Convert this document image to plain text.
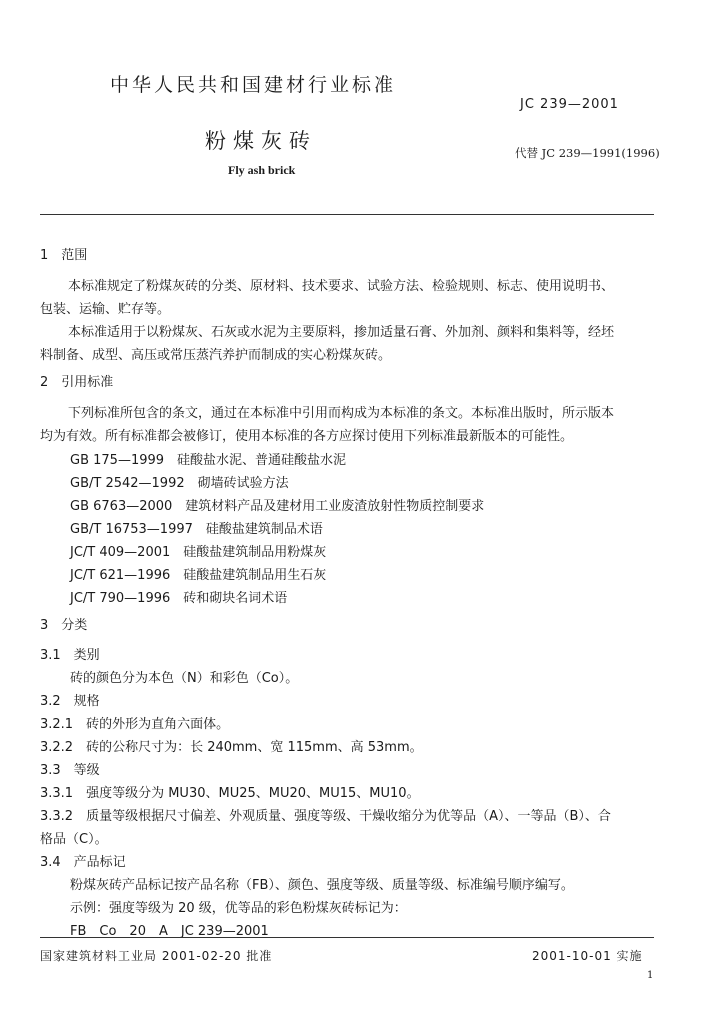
中华人民共和国建材行业标准
JC 239—2001
粉煤灰砖	代替 JC 239—1991(1996)
Fly ash brick
1　范围
本标准规定了粉煤灰砖的分类、原材料、技术要求、试验方法、检验规则、标志、使用说明书、
包装、运输、贮存等。
本标准适用于以粉煤灰、石灰或水泥为主要原料，掺加适量石膏、外加剂、颜料和集料等，经坯
料制备、成型、高压或常压蒸汽养护而制成的实心粉煤灰砖。
2　引用标准
下列标准所包含的条文，通过在本标准中引用而构成为本标准的条文。本标准出版时，所示版本
均为有效。所有标准都会被修订，使用本标准的各方应探讨使用下列标准最新版本的可能性。
GB 175—1999　硅酸盐水泥、普通硅酸盐水泥
GB/T 2542—1992　砌墙砖试验方法
GB 6763—2000　建筑材料产品及建材用工业废渣放射性物质控制要求
GB/T 16753—1997　硅酸盐建筑制品术语
JC/T 409—2001　硅酸盐建筑制品用粉煤灰
JC/T 621—1996　硅酸盐建筑制品用生石灰
JC/T 790—1996　砖和砌块名词术语
3　分类
3.1　类别
砖的颜色分为本色（N）和彩色（Co）。
3.2　规格
3.2.1　砖的外形为直角六面体。
3.2.2　砖的公称尺寸为：长 240mm、宽 115mm、高 53mm。
3.3　等级
3.3.1　强度等级分为 MU30、MU25、MU20、MU15、MU10。
3.3.2　质量等级根据尺寸偏差、外观质量、强度等级、干燥收缩分为优等品（A）、一等品（B）、合
格品（C）。
3.4　产品标记
粉煤灰砖产品标记按产品名称（FB）、颜色、强度等级、质量等级、标准编号顺序编写。
示例：强度等级为 20 级，优等品的彩色粉煤灰砖标记为：
FB　Co　20　A　JC 239—2001
国家建筑材料工业局 2001-02-20 批准	2001-10-01 实施
1
